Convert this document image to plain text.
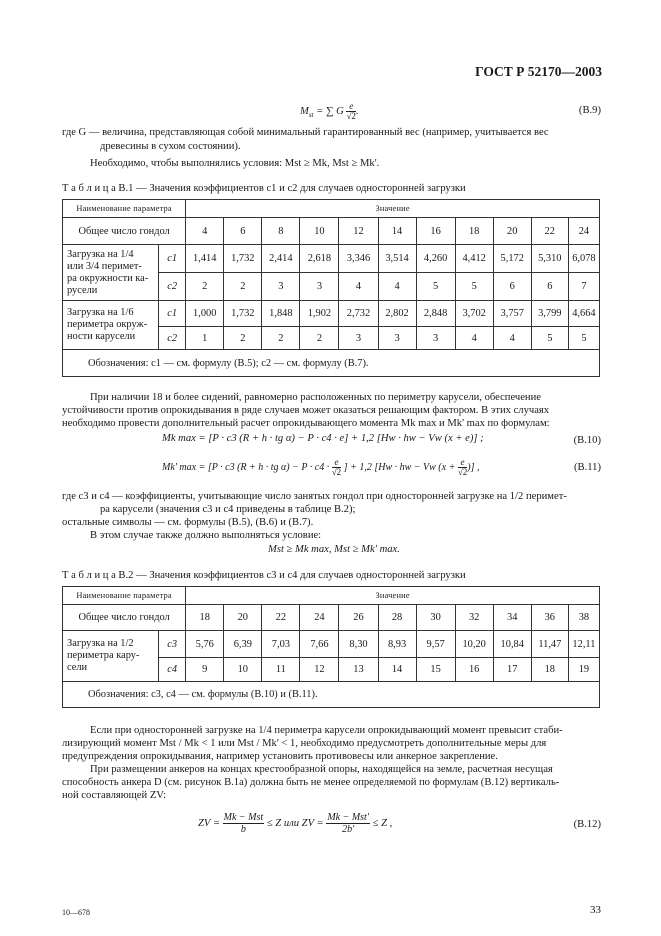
ГОСТ Р 52170—2003
$M_{st}$ = ∑ G $\frac{e}{√2}$ .	(В.9)
где G — величина, представляющая собой минимальный гарантированный вес (например, учитывается вес
древесины в сухом состоянии).
Необходимо, чтобы выполнялись условия: Mst ≥ Mk, Mst ≥ Mk'.
Т а б л и ц а В.1 — Значения коэффициентов c1 и c2 для случаев односторонней загрузки
Наименование параметра		Значение										
Общее число гондол		4	6	8	10	12	14	16	18	20	22	24

Загрузка на 1/4
или 3/4 перимет-
ра окружности ка-
русели	c1	1,414	1,732	2,414	2,618	3,346	3,514	4,260	4,412	5,172	5,310	6,078
	c2	2	2	3	3	4	4	5	5	6	6	7

Загрузка на 1/6
периметра окруж-
ности карусели	c1	1,000	1,732	1,848	1,902	2,732	2,802	2,848	3,702	3,757	3,799	4,664
	c2	1	2	2	2	3	3	3	4	4	5	5
Обозначения: c1 — см. формулу (В.5); c2 — см. формулу (В.7).												
При наличии 18 и более сидений, равномерно расположенных по периметру карусели, обеспечение
устойчивости против опрокидывания в ряде случаев может оказаться решающим фактором. В этих случаях
необходимо провести дополнительный расчет опрокидывающего момента Mk max и Mk' max по формулам:
Mk max = [P · c3 (R + h · tg α) − P · c4 · e] + 1,2 [Hw · hw − Vw (x + e)] ;	(В.10)
Mk' max = [P · c3 (R + h · tg $\alpha) - P \cdot c4 \cdot \frac{e}{√2}$ ] + 1,2 [Hw · hw − Vw ($x + \frac{e}{√2}$ )] ,	(В.11)
где c3 и c4 — коэффициенты, учитывающие число занятых гондол при односторонней загрузке на 1/2 перимет-
ра карусели (значения c3 и c4 приведены в таблице В.2);
остальные символы — см. формулы (В.5), (В.6) и (В.7).
В этом случае также должно выполняться условие:
Mst ≥ Mk max, Mst ≥ Mk' max.
Т а б л и ц а В.2 — Значения коэффициентов c3 и c4 для случаев односторонней загрузки
Наименование параметра		Значение										
Общее число гондол		18	20	22	24	26	28	30	32	34	36	38

Загрузка на 1/2
периметра кару-
сели	c3	5,76	6,39	7,03	7,66	8,30	8,93	9,57	10,20	10,84	11,47	12,11
	c4	9	10	11	12	13	14	15	16	17	18	19
Обозначения: c3, c4 — см. формулы (В.10) и (В.11).												
Если при односторонней загрузке на 1/4 периметра карусели опрокидывающий момент превысит стаби-
лизирующий момент Mst / Mk < 1 или Mst / Mk' < 1, необходимо предусмотреть дополнительные меры для
предупреждения опрокидывания, например установить противовесы или анкерное закрепление.
При размещении анкеров на концах крестообразной опоры, находящейся на земле, расчетная несущая
способность анкера D (см. рисунок В.1а) должна быть не менее определяемой по формулам (В.12) вертикаль-
ной составляющей ZV:
ZV = $\frac{\text{Mk − Mst}}{b} \le Z$ или ZV = $\frac{\text{Mk − Mst'}}{2b'} \le Z$ ,	(В.12)
10—678	33
